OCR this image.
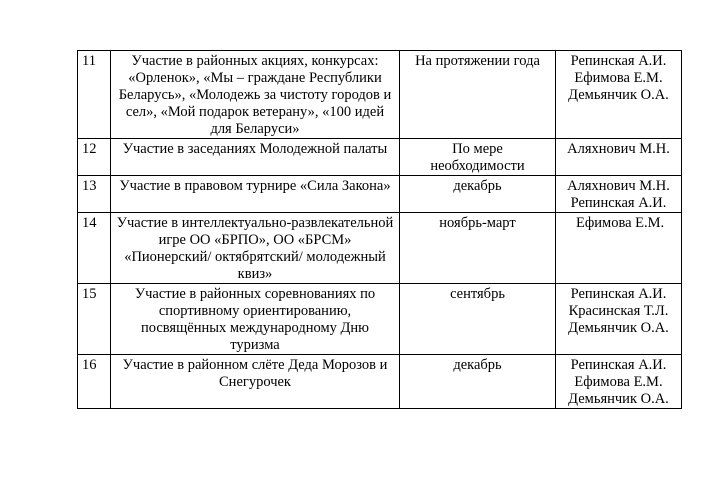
11	Участие в районных акциях, конкурсах: «Орленок», «Мы – граждане Республики Беларусь», «Молодежь за чистоту городов и сел», «Мой подарок ветерану», «100 идей для Беларуси»	На протяжении года	Репинская А.И.
Ефимова Е.М.
Демьянчик О.А.

12	Участие в заседаниях Молодежной палаты	По мере необходимости	Аляхнович М.Н.

13	Участие в правовом турнире «Сила Закона»	декабрь	Аляхнович М.Н.
Репинская А.И.

14	Участие в интеллектуально-развлекательной игре ОО «БРПО», ОО «БРСМ» «Пионерский/ октябрятский/ молодежный квиз»	ноябрь-март	Ефимова Е.М.

15	Участие в районных соревнованиях по спортивному ориентированию, посвящённых международному Дню туризма	сентябрь	Репинская А.И.
Красинская Т.Л.
Демьянчик О.А.

16	Участие в районном слёте Деда Морозов и Снегурочек	декабрь	Репинская А.И.
Ефимова Е.М.
Демьянчик О.А.
